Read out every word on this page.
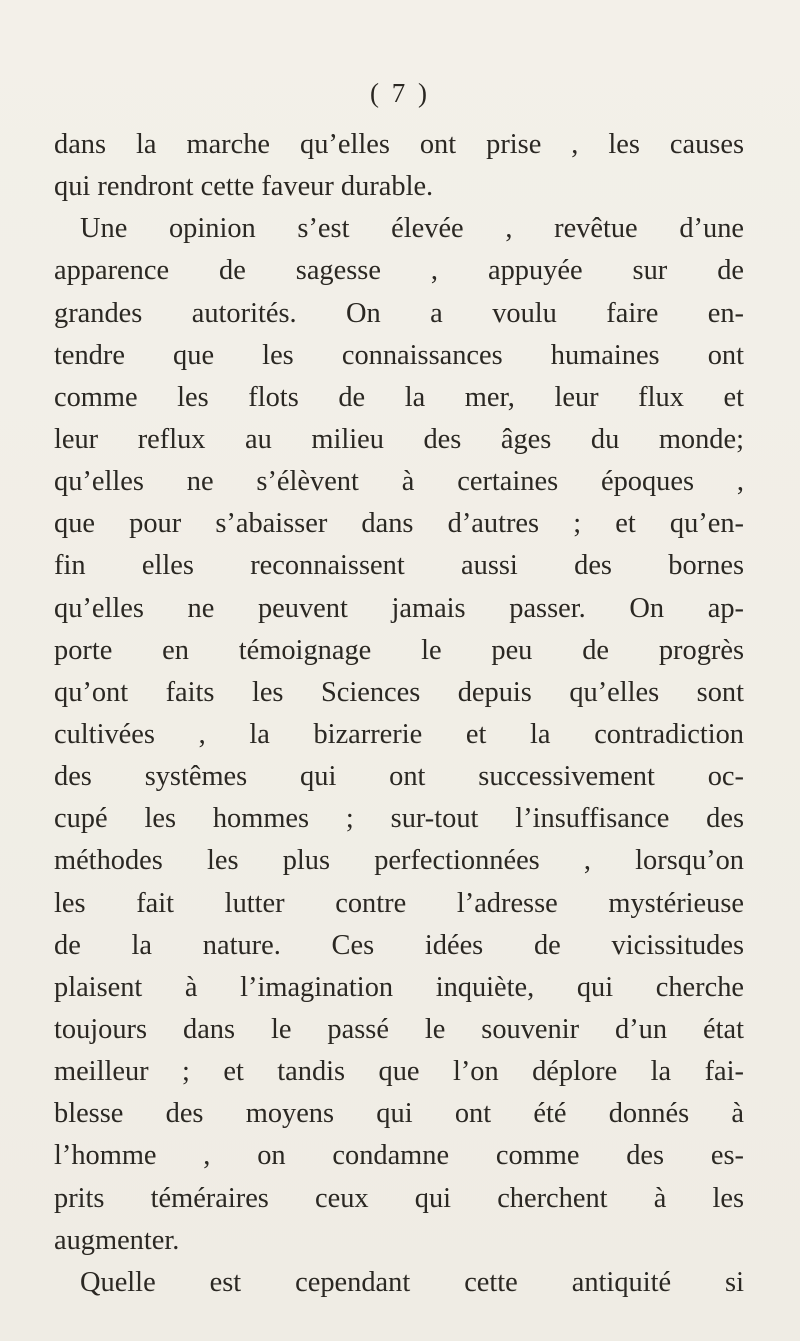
( 7 )
dans la marche qu’elles ont prise , les causes
qui rendront cette faveur durable.
Une opinion s’est élevée , revêtue d’une
apparence de sagesse , appuyée sur de
grandes autorités. On a voulu faire en-
tendre que les connaissances humaines ont
comme les flots de la mer, leur flux et
leur reflux au milieu des âges du monde;
qu’elles ne s’élèvent à certaines époques ,
que pour s’abaisser dans d’autres ; et qu’en-
fin elles reconnaissent aussi des bornes
qu’elles ne peuvent jamais passer. On ap-
porte en témoignage le peu de progrès
qu’ont faits les Sciences depuis qu’elles sont
cultivées , la bizarrerie et la contradiction
des systêmes qui ont successivement oc-
cupé les hommes ; sur-tout l’insuffisance des
méthodes les plus perfectionnées , lorsqu’on
les fait lutter contre l’adresse mystérieuse
de la nature. Ces idées de vicissitudes
plaisent à l’imagination inquiète, qui cherche
toujours dans le passé le souvenir d’un état
meilleur ; et tandis que l’on déplore la fai-
blesse des moyens qui ont été donnés à
l’homme , on condamne comme des es-
prits téméraires ceux qui cherchent à les
augmenter.
Quelle est cependant cette antiquité si
